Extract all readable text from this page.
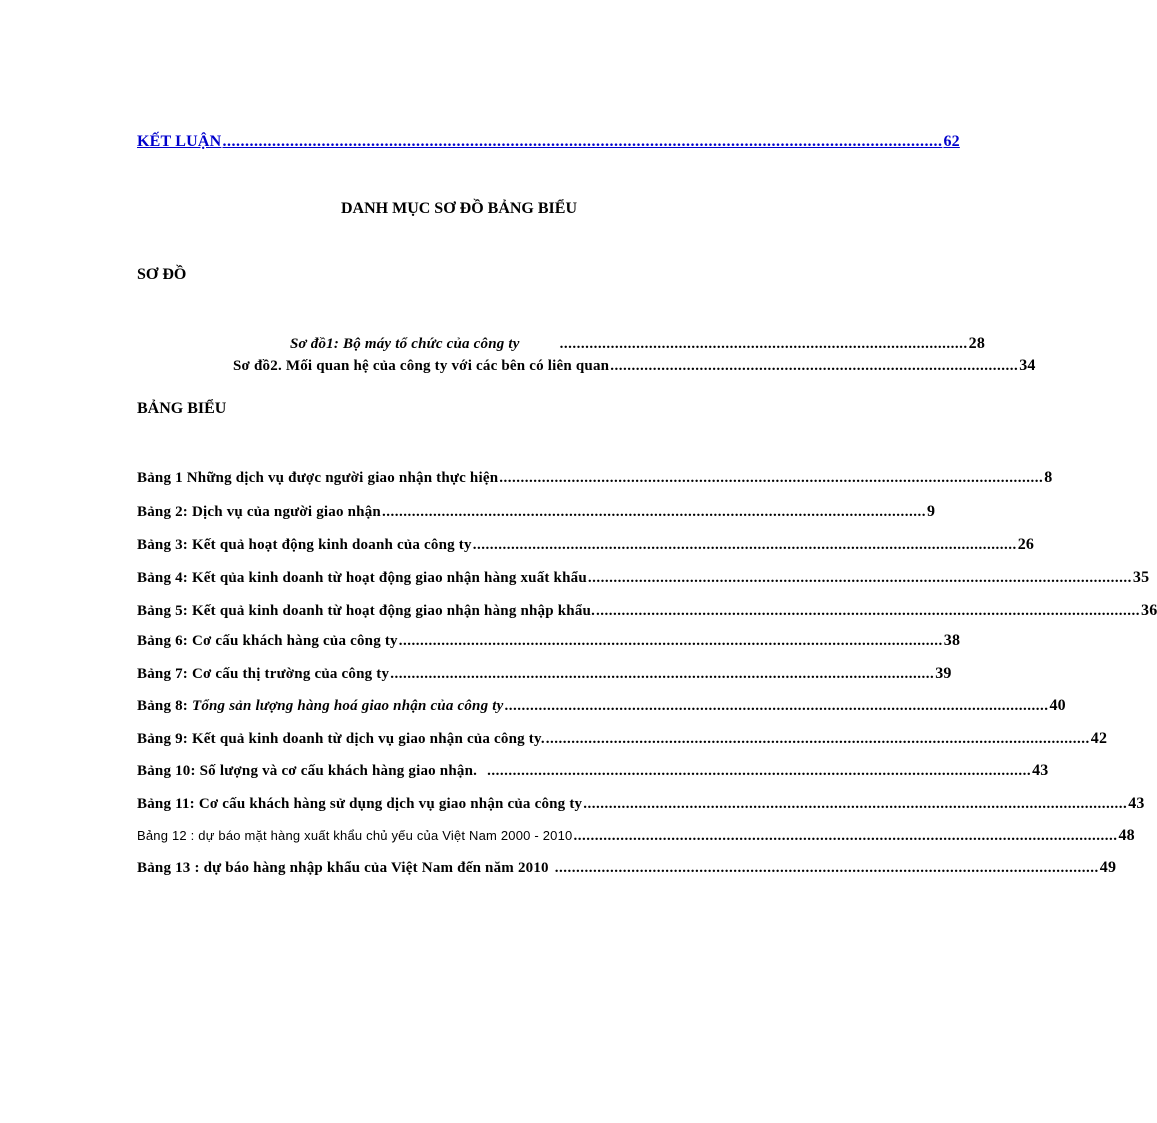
KẾT LUẬN ................................................................................................................................................................ 62
DANH MỤC SƠ ĐỒ BẢNG BIỂU
SƠ ĐỒ
Sơ đồ1: Bộ máy tổ chức của công ty	................................................................................................ 28
Sơ đồ2. Mối quan hệ của công ty với các bên có liên quan ................................................................................................ 34
BẢNG BIỂU
Bảng 1 Những dịch vụ được người giao nhận thực hiện ................................................................................................................................ 8
Bảng 2: Dịch vụ của người giao nhận ................................................................................................................................ 9
Bảng 3: Kết quả hoạt động kinh doanh của công ty ................................................................................................................................ 26
Bảng 4: Kết qủa kinh doanh từ hoạt động giao nhận hàng xuất khẩu ................................................................................................................................ 35
Bảng 5: Kết quả kinh doanh từ hoạt động giao nhận hàng nhập khẩu. ................................................................................................................................ 36
Bảng 6: Cơ cấu khách hàng của công ty ................................................................................................................................ 38
Bảng 7: Cơ cấu thị trường của công ty ................................................................................................................................ 39
Bảng 8: Tổng sản lượng hàng hoá giao nhận của công ty ................................................................................................................................ 40
Bảng 9: Kết quả kinh doanh từ dịch vụ giao nhận của công ty. ................................................................................................................................ 42
Bảng 10: Số lượng và cơ cấu khách hàng giao nhận. ................................................................................................................................ 43
Bảng 11: Cơ cấu khách hàng sử dụng dịch vụ giao nhận của công ty ................................................................................................................................ 43
Bảng 12 : dự báo mặt hàng xuất khẩu chủ yếu của Việt Nam 2000 - 2010 ................................................................................................................................ 48
Bảng 13 : dự báo hàng nhập khẩu của Việt Nam đến năm 2010 ................................................................................................................................ 49
